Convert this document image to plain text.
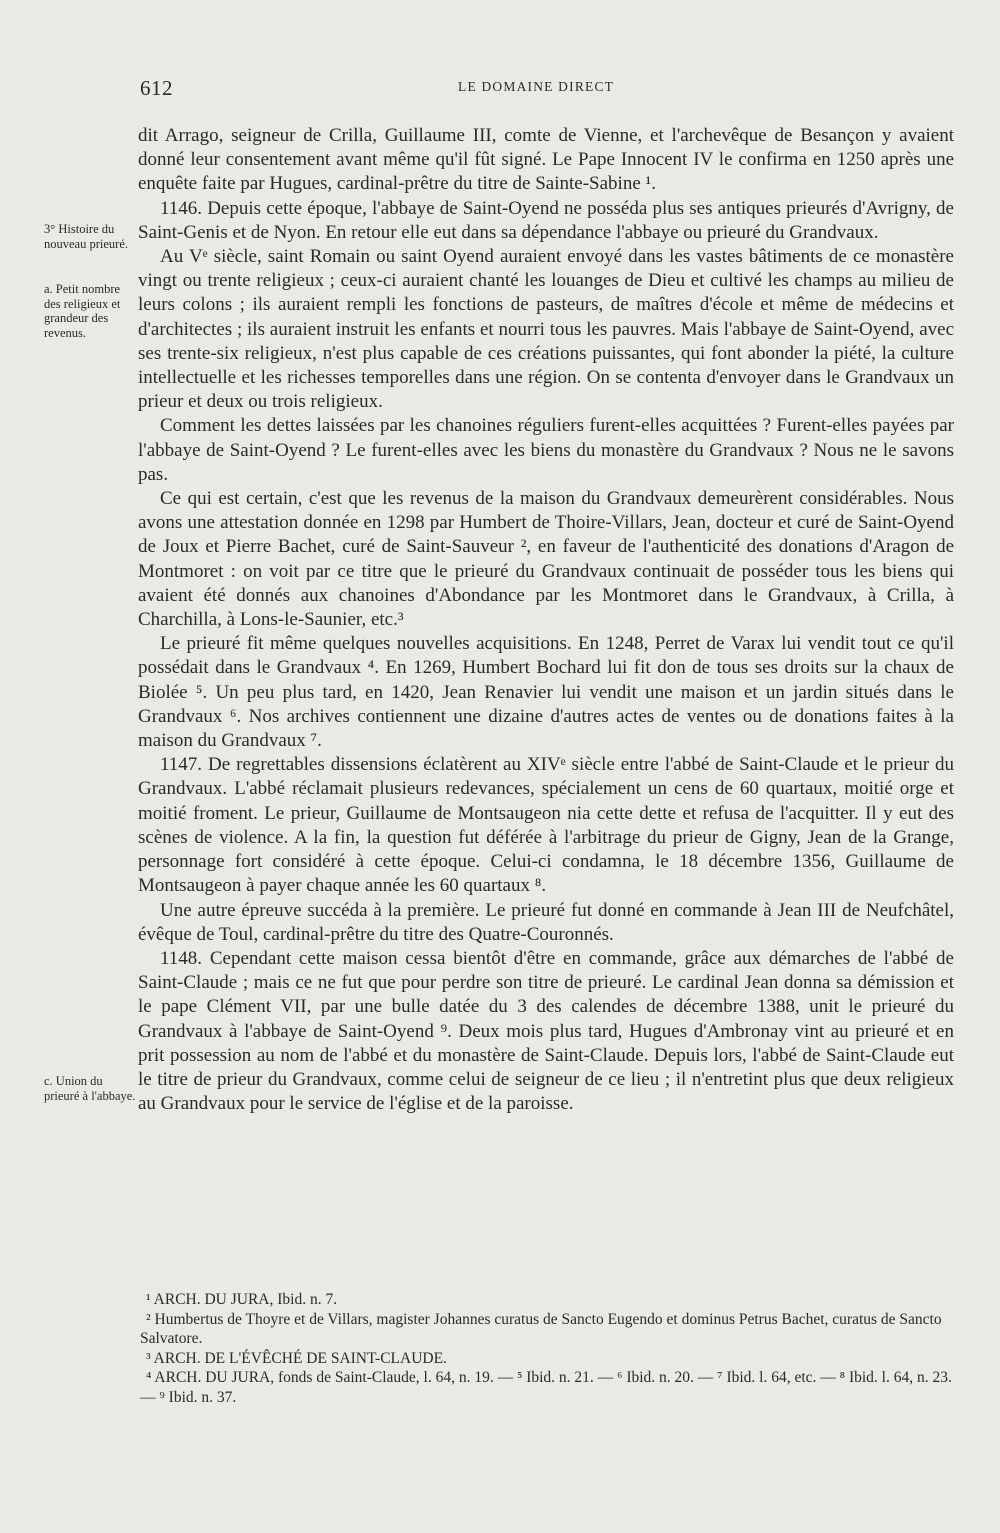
612	LE DOMAINE DIRECT
3° Histoire du nouveau prieuré.
a. Petit nombre des religieux et grandeur des revenus.
c. Union du prieuré à l'abbaye.

dit Arrago, seigneur de Crilla, Guillaume III, comte de Vienne, et l'archevêque de Besançon y avaient donné leur consentement avant même qu'il fût signé. Le Pape Innocent IV le confirma en 1250 après une enquête faite par Hugues, cardinal-prêtre du titre de Sainte-Sabine ¹.

1146. Depuis cette époque, l'abbaye de Saint-Oyend ne posséda plus ses antiques prieurés d'Avrigny, de Saint-Genis et de Nyon. En retour elle eut dans sa dépendance l'abbaye ou prieuré du Grandvaux.

Au Vᵉ siècle, saint Romain ou saint Oyend auraient envoyé dans les vastes bâtiments de ce monastère vingt ou trente religieux ; ceux-ci auraient chanté les louanges de Dieu et cultivé les champs au milieu de leurs colons ; ils auraient rempli les fonctions de pasteurs, de maîtres d'école et même de médecins et d'architectes ; ils auraient instruit les enfants et nourri tous les pauvres. Mais l'abbaye de Saint-Oyend, avec ses trente-six religieux, n'est plus capable de ces créations puissantes, qui font abonder la piété, la culture intellectuelle et les richesses temporelles dans une région. On se contenta d'envoyer dans le Grandvaux un prieur et deux ou trois religieux.

Comment les dettes laissées par les chanoines réguliers furent-elles acquittées ? Furent-elles payées par l'abbaye de Saint-Oyend ? Le furent-elles avec les biens du monastère du Grandvaux ? Nous ne le savons pas.

Ce qui est certain, c'est que les revenus de la maison du Grandvaux demeurèrent considérables. Nous avons une attestation donnée en 1298 par Humbert de Thoire-Villars, Jean, docteur et curé de Saint-Oyend de Joux et Pierre Bachet, curé de Saint-Sauveur ², en faveur de l'authenticité des donations d'Aragon de Montmoret : on voit par ce titre que le prieuré du Grandvaux continuait de posséder tous les biens qui avaient été donnés aux chanoines d'Abondance par les Montmoret dans le Grandvaux, à Crilla, à Charchilla, à Lons-le-Saunier, etc.³

Le prieuré fit même quelques nouvelles acquisitions. En 1248, Perret de Varax lui vendit tout ce qu'il possédait dans le Grandvaux ⁴. En 1269, Humbert Bochard lui fit don de tous ses droits sur la chaux de Biolée ⁵. Un peu plus tard, en 1420, Jean Renavier lui vendit une maison et un jardin situés dans le Grandvaux ⁶. Nos archives contiennent une dizaine d'autres actes de ventes ou de donations faites à la maison du Grandvaux ⁷.

1147. De regrettables dissensions éclatèrent au XIVᵉ siècle entre l'abbé de Saint-Claude et le prieur du Grandvaux. L'abbé réclamait plusieurs redevances, spécialement un cens de 60 quartaux, moitié orge et moitié froment. Le prieur, Guillaume de Montsaugeon nia cette dette et refusa de l'acquitter. Il y eut des scènes de violence. A la fin, la question fut déférée à l'arbitrage du prieur de Gigny, Jean de la Grange, personnage fort considéré à cette époque. Celui-ci condamna, le 18 décembre 1356, Guillaume de Montsaugeon à payer chaque année les 60 quartaux ⁸.

Une autre épreuve succéda à la première. Le prieuré fut donné en commande à Jean III de Neufchâtel, évêque de Toul, cardinal-prêtre du titre des Quatre-Couronnés.

1148. Cependant cette maison cessa bientôt d'être en commande, grâce aux démarches de l'abbé de Saint-Claude ; mais ce ne fut que pour perdre son titre de prieuré. Le cardinal Jean donna sa démission et le pape Clément VII, par une bulle datée du 3 des calendes de décembre 1388, unit le prieuré du Grandvaux à l'abbaye de Saint-Oyend ⁹. Deux mois plus tard, Hugues d'Ambronay vint au prieuré et en prit possession au nom de l'abbé et du monastère de Saint-Claude. Depuis lors, l'abbé de Saint-Claude eut le titre de prieur du Grandvaux, comme celui de seigneur de ce lieu ; il n'entretint plus que deux religieux au Grandvaux pour le service de l'église et de la paroisse.

¹ ARCH. DU JURA, Ibid. n. 7.

² Humbertus de Thoyre et de Villars, magister Johannes curatus de Sancto Eugendo et dominus Petrus Bachet, curatus de Sancto Salvatore.

³ ARCH. DE L'ÉVÊCHÉ DE SAINT-CLAUDE.

⁴ ARCH. DU JURA, fonds de Saint-Claude, l. 64, n. 19. — ⁵ Ibid. n. 21. — ⁶ Ibid. n. 20. — ⁷ Ibid. l. 64, etc. — ⁸ Ibid. l. 64, n. 23. — ⁹ Ibid. n. 37.
